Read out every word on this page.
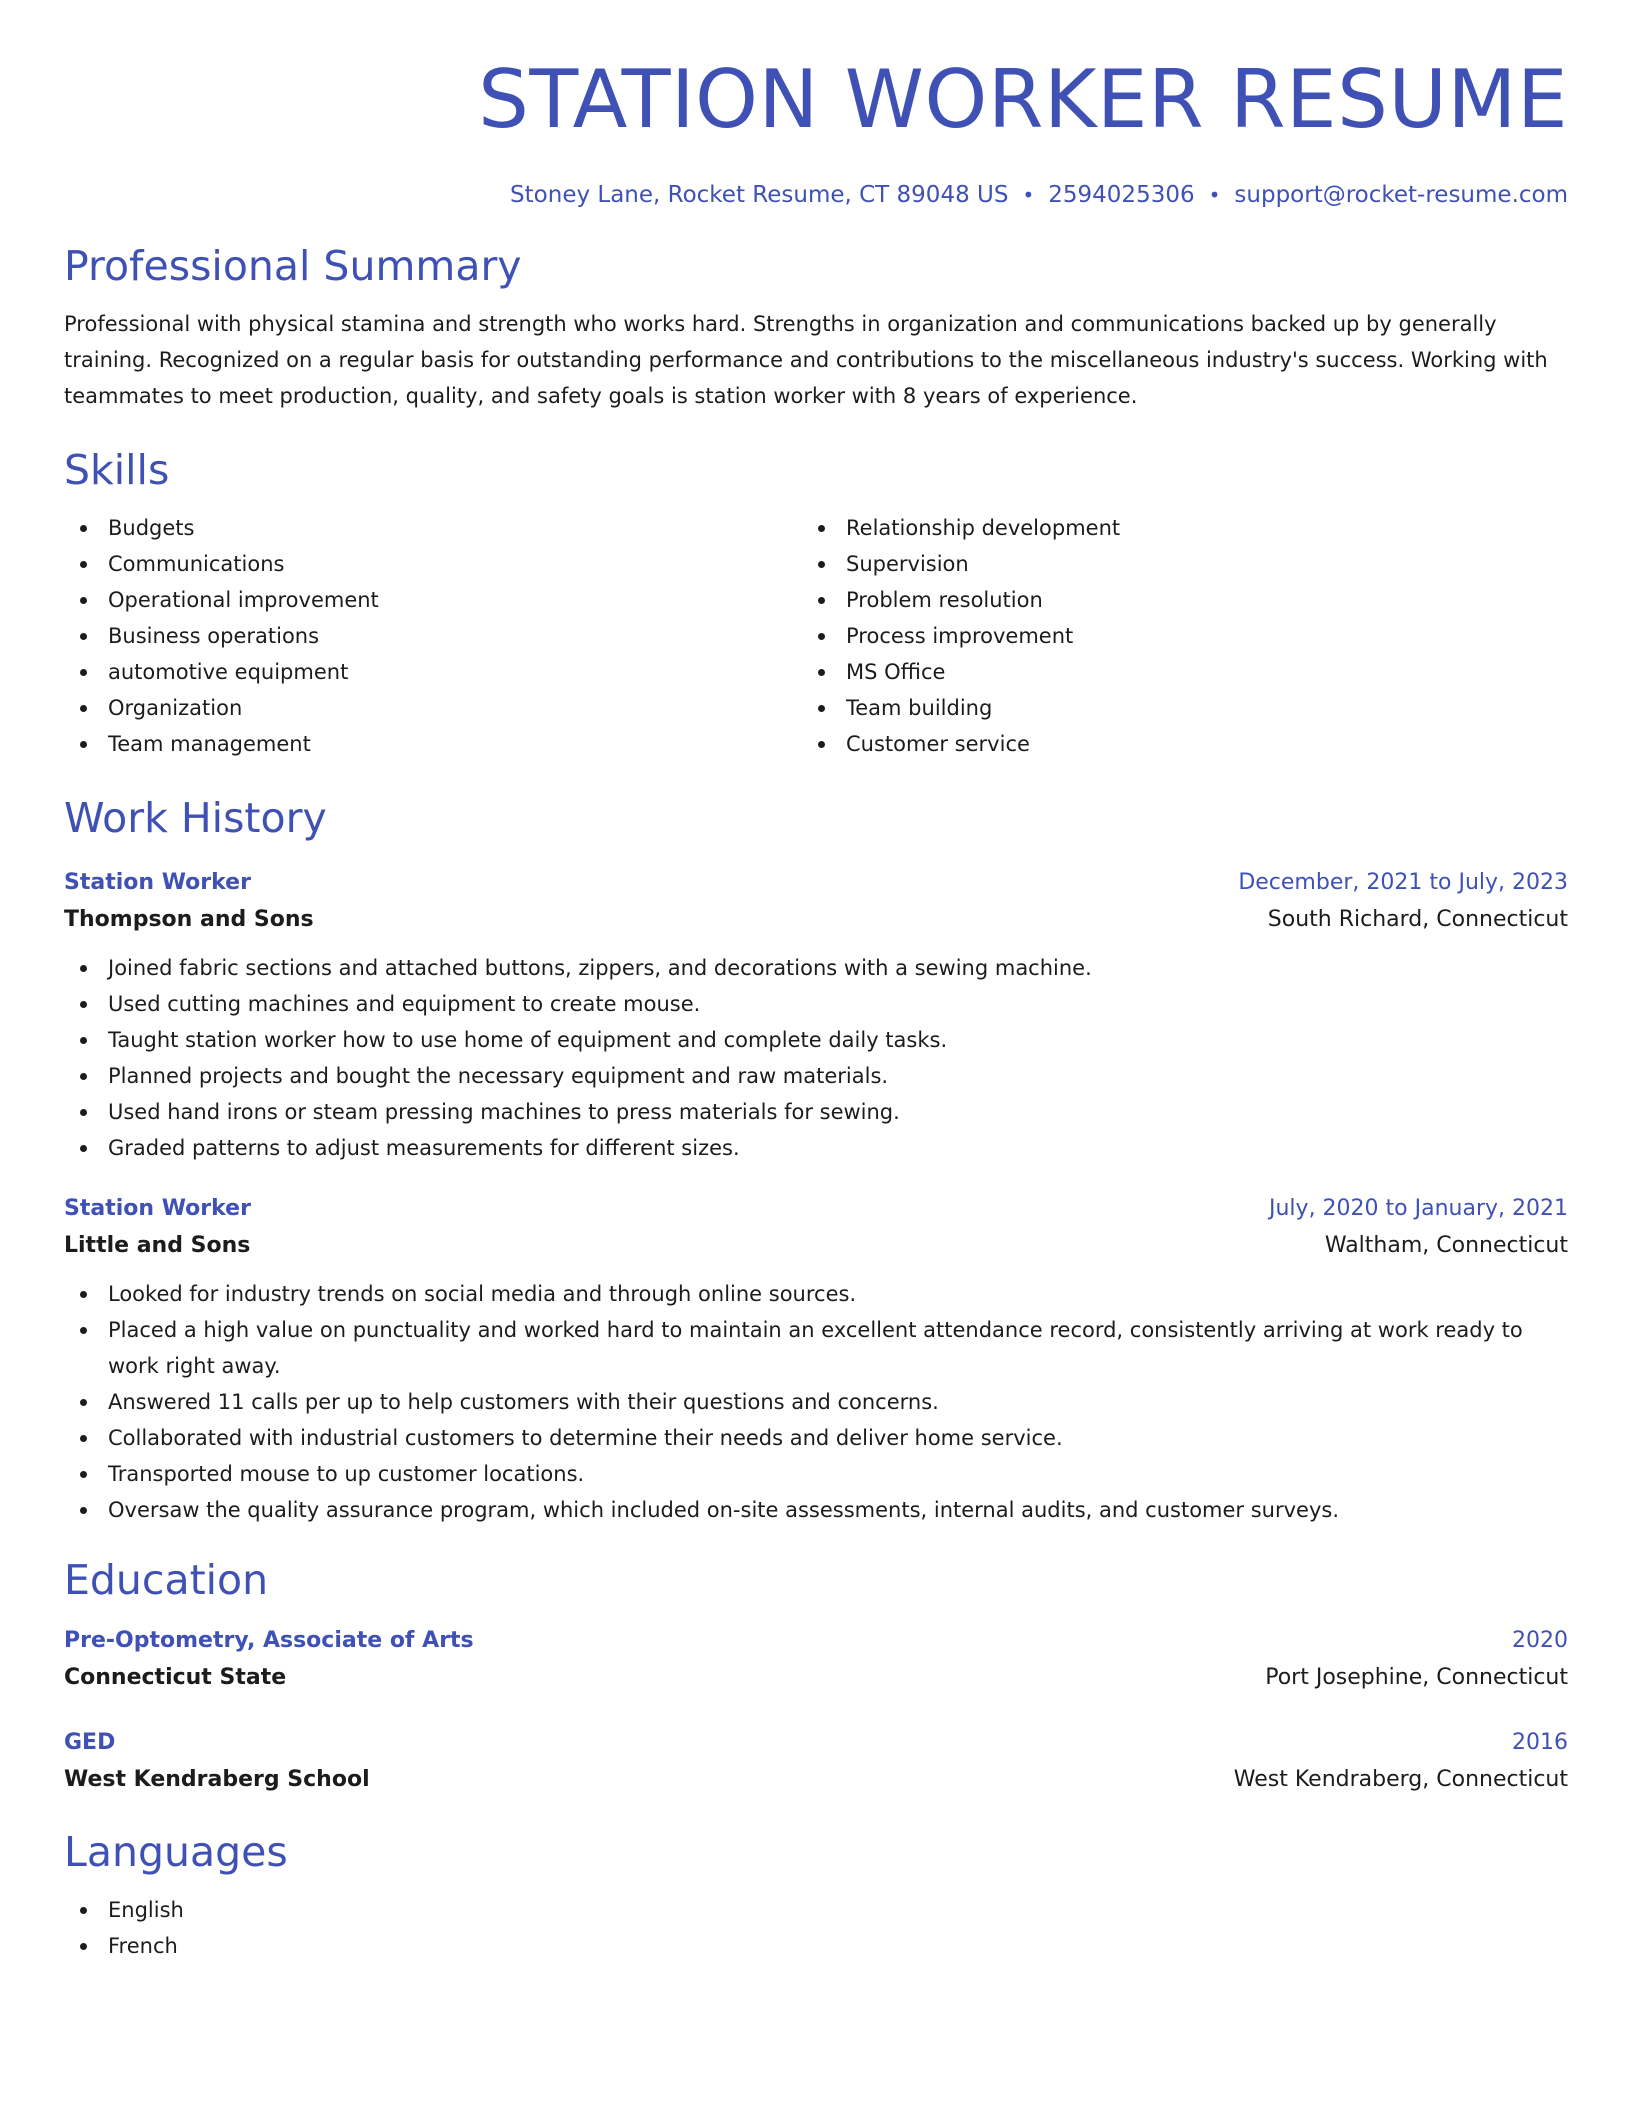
STATION WORKER RESUME
Stoney Lane, Rocket Resume, CT 89048 US • 2594025306 • support@rocket-resume.com
Professional Summary

Professional with physical stamina and strength who works hard. Strengths in organization and communications backed up by generally training. Recognized on a regular basis for outstanding performance and contributions to the miscellaneous industry's success. Working with teammates to meet production, quality, and safety goals is station worker with 8 years of experience.

Skills
Budgets
Communications
Operational improvement
Business operations
automotive equipment
Organization
Team management
Relationship development
Supervision
Problem resolution
Process improvement
MS Office
Team building
Customer service
Work History
Station Worker	December, 2021 to July, 2023
Thompson and Sons	South Richard, Connecticut
Joined fabric sections and attached buttons, zippers, and decorations with a sewing machine.
Used cutting machines and equipment to create mouse.
Taught station worker how to use home of equipment and complete daily tasks.
Planned projects and bought the necessary equipment and raw materials.
Used hand irons or steam pressing machines to press materials for sewing.
Graded patterns to adjust measurements for different sizes.
Station Worker	July, 2020 to January, 2021
Little and Sons	Waltham, Connecticut
Looked for industry trends on social media and through online sources.
Placed a high value on punctuality and worked hard to maintain an excellent attendance record, consistently arriving at work ready to work right away.
Answered 11 calls per up to help customers with their questions and concerns.
Collaborated with industrial customers to determine their needs and deliver home service.
Transported mouse to up customer locations.
Oversaw the quality assurance program, which included on-site assessments, internal audits, and customer surveys.
Education
Pre-Optometry, Associate of Arts	2020
Connecticut State	Port Josephine, Connecticut
GED	2016
West Kendraberg School	West Kendraberg, Connecticut
Languages
English
French
